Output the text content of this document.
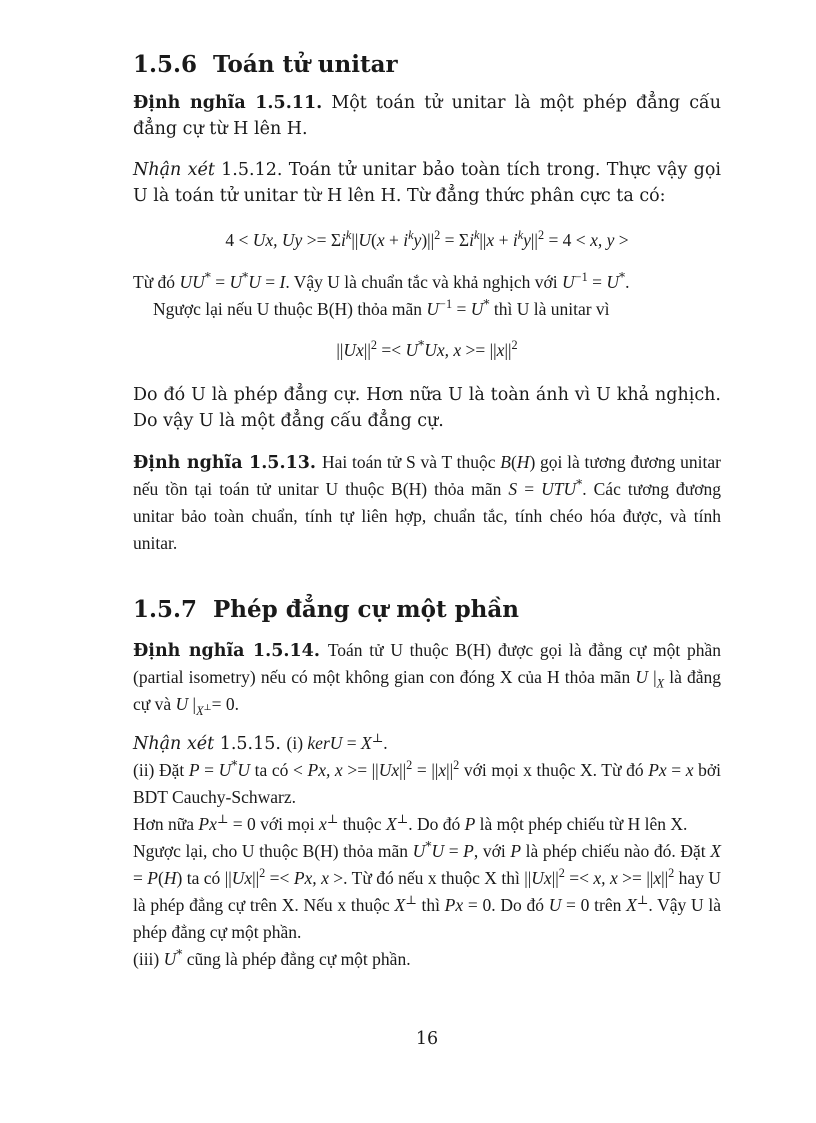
1.5.6 Toán tử unitar
Định nghĩa 1.5.11. Một toán tử unitar là một phép đẳng cấu đẳng cự từ H lên H.
Nhận xét 1.5.12. Toán tử unitar bảo toàn tích trong. Thực vậy gọi U là toán tử unitar từ H lên H. Từ đẳng thức phân cực ta có:
4 < Ux, $Uy >= \Sigma i^k||U(x + i^ky)||^2 = \Sigma i^k||x + i^ky||^2 = 4 < x$, y >
Từ đó UU* = U*U = I. Vậy U là chuẩn tắc và khả nghịch với $U^{-1} = U^*$.
Ngược lại nếu U thuộc B(H) thỏa mãn $U^{-1} = U^*$ thì U là unitar vì
$||Ux||^2 =< U^*Ux$, $x >= ||x||^2$
Do đó U là phép đẳng cự. Hơn nữa U là toàn ánh vì U khả nghịch. Do vậy U là một đẳng cấu đẳng cự.
Định nghĩa 1.5.13. Hai toán tử S và T thuộc B(H) gọi là tương đương unitar nếu tồn tại toán tử unitar U thuộc B(H) thỏa mãn S = UTU*. Các tương đương unitar bảo toàn chuẩn, tính tự liên hợp, chuẩn tắc, tính chéo hóa được, và tính unitar.
1.5.7 Phép đẳng cự một phần
Định nghĩa 1.5.14. Toán tử U thuộc B(H) được gọi là đẳng cự một phần (partial isometry) nếu có một không gian con đóng X của H thỏa mãn U $|_X$ là đẳng cự và U $|_{X^\perp}= 0$.
Nhận xét 1.5.15. (i) kerU = X⊥.
(ii) Đặt P = U*U ta có < Px, $x >= ||Ux||^2 = ||x||^2$ với mọi x thuộc X. Từ đó Px = x bởi BDT Cauchy-Schwarz.
Hơn nữa Px⊥ = 0 với mọi x⊥ thuộc X⊥. Do đó P là một phép chiếu từ H lên X.
Ngược lại, cho U thuộc B(H) thỏa mãn U*U = P, với P là phép chiếu nào đó. Đặt X = P(H) ta có $||Ux||^2 =< Px$, x >. Từ đó nếu x thuộc X thì $||Ux||^2 =< x$, $x >= ||x||^2$ hay U là phép đẳng cự trên X. Nếu x thuộc X⊥ thì Px = 0. Do đó U = 0 trên X⊥. Vậy U là phép đẳng cự một phần.
(iii) U* cũng là phép đẳng cự một phần.
16
